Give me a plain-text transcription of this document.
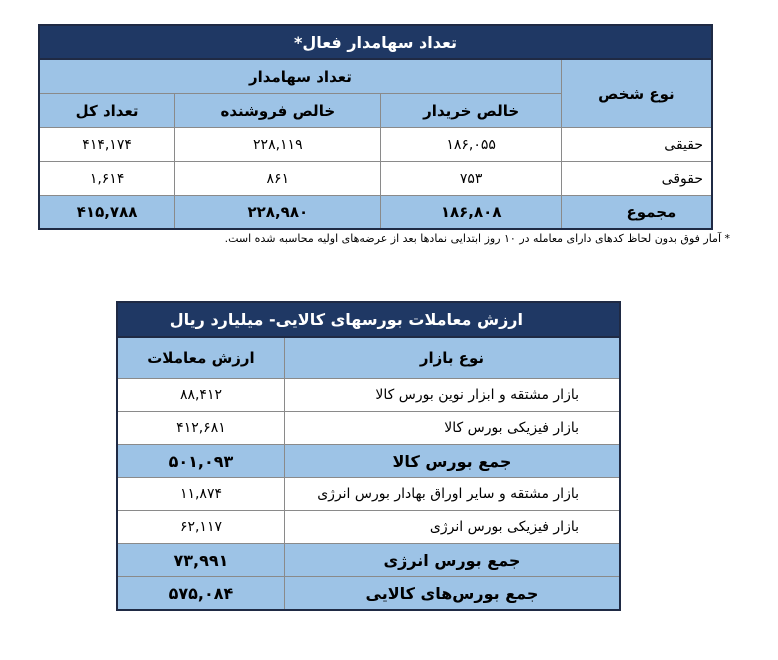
تعداد سهامدار فعال*			
نوع شخص	تعداد سهامدار		
	خالص خریدار	خالص فروشنده	تعداد کل
حقیقی	۱۸۶,۰۵۵	۲۲۸,۱۱۹	۴۱۴,۱۷۴
حقوقی	۷۵۳	۸۶۱	۱,۶۱۴
مجموع	۱۸۶,۸۰۸	۲۲۸,۹۸۰	۴۱۵,۷۸۸
* آمار فوق بدون لحاظ کدهای دارای معامله در ۱۰ روز ابتدایی نمادها بعد از عرضه‌های اولیه محاسبه شده است.
ارزش معاملات بورسهای کالایی- میلیارد ریال	
نوع بازار	ارزش معاملات
بازار مشتقه و ابزار نوین بورس کالا	۸۸,۴۱۲
بازار فیزیکی بورس کالا	۴۱۲,۶۸۱
جمع بورس کالا	۵۰۱,۰۹۳
بازار مشتقه و سایر اوراق بهادار بورس انرژی	۱۱,۸۷۴
بازار فیزیکی بورس انرژی	۶۲,۱۱۷
جمع بورس انرژی	۷۳,۹۹۱
جمع بورس‌های کالایی	۵۷۵,۰۸۴
